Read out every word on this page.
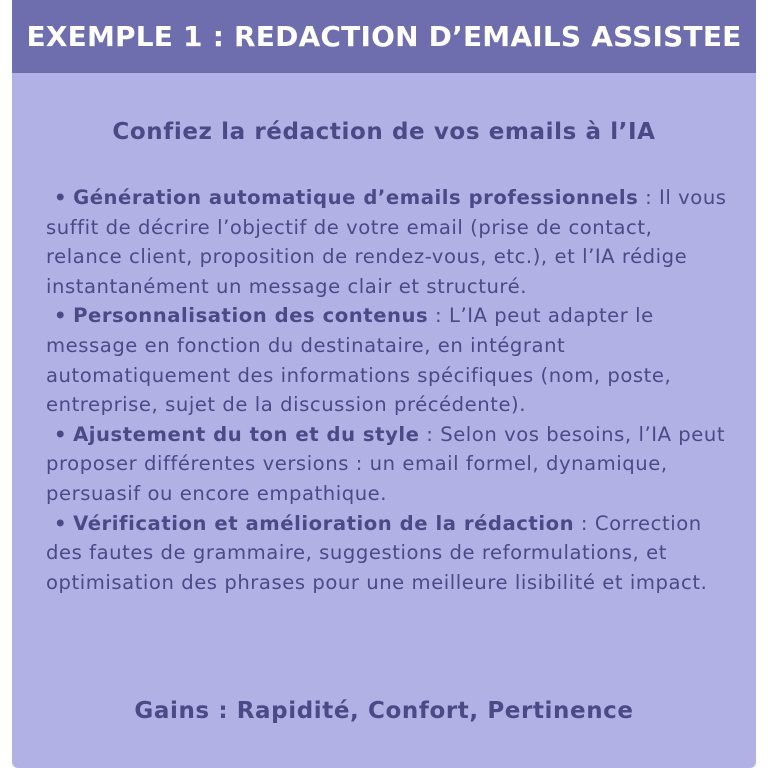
EXEMPLE 1 : REDACTION D’EMAILS ASSISTEE
Confiez la rédaction de vos emails à l’IA
• Génération automatique d’emails professionnels : Il vous suffit de décrire l’objectif de votre email (prise de contact, relance client, proposition de rendez-vous, etc.), et l’IA rédige instantanément un message clair et structuré.
• Personnalisation des contenus : L’IA peut adapter le message en fonction du destinataire, en intégrant automatiquement des informations spécifiques (nom, poste, entreprise, sujet de la discussion précédente).
• Ajustement du ton et du style : Selon vos besoins, l’IA peut proposer différentes versions : un email formel, dynamique, persuasif ou encore empathique.
• Vérification et amélioration de la rédaction : Correction des fautes de grammaire, suggestions de reformulations, et optimisation des phrases pour une meilleure lisibilité et impact.
Gains : Rapidité, Confort, Pertinence
